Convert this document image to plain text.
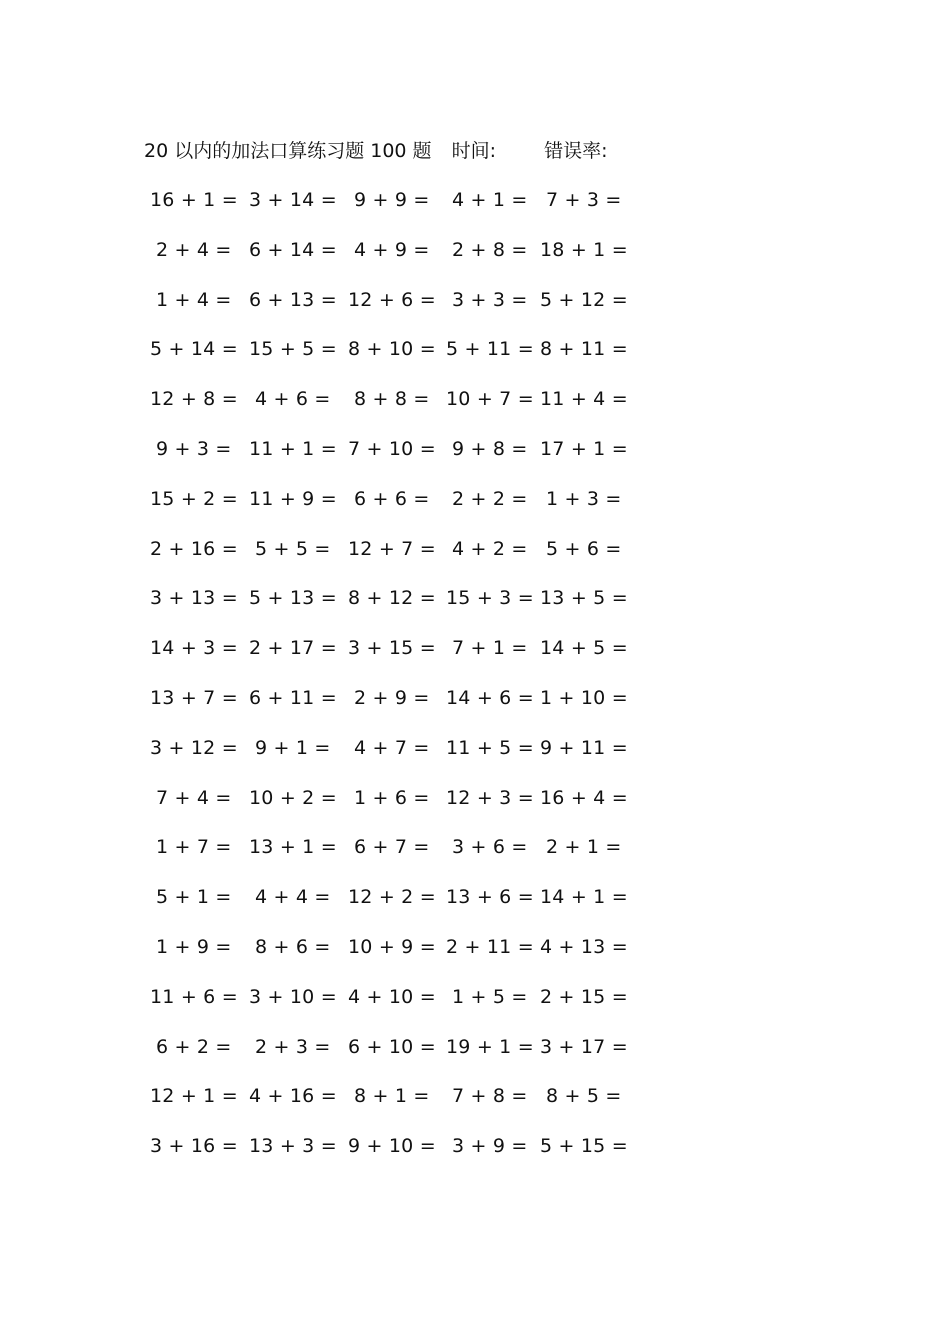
20 以内的加法口算练习题 100 题 时间:	错误率:
16 + 1 = 3 + 14 = 9 + 9 = 4 + 1 = 7 + 3 =
2 + 4 = 6 + 14 = 4 + 9 = 2 + 8 = 18 + 1 =
1 + 4 = 6 + 13 = 12 + 6 = 3 + 3 = 5 + 12 =
5 + 14 = 15 + 5 = 8 + 10 = 5 + 11 = 8 + 11 =
12 + 8 = 4 + 6 = 8 + 8 = 10 + 7 = 11 + 4 =
9 + 3 = 11 + 1 = 7 + 10 = 9 + 8 = 17 + 1 =
15 + 2 = 11 + 9 = 6 + 6 = 2 + 2 = 1 + 3 =
2 + 16 = 5 + 5 = 12 + 7 = 4 + 2 = 5 + 6 =
3 + 13 = 5 + 13 = 8 + 12 = 15 + 3 = 13 + 5 =
14 + 3 = 2 + 17 = 3 + 15 = 7 + 1 = 14 + 5 =
13 + 7 = 6 + 11 = 2 + 9 = 14 + 6 = 1 + 10 =
3 + 12 = 9 + 1 = 4 + 7 = 11 + 5 = 9 + 11 =
7 + 4 = 10 + 2 = 1 + 6 = 12 + 3 = 16 + 4 =
1 + 7 = 13 + 1 = 6 + 7 = 3 + 6 = 2 + 1 =
5 + 1 = 4 + 4 = 12 + 2 = 13 + 6 = 14 + 1 =
1 + 9 = 8 + 6 = 10 + 9 = 2 + 11 = 4 + 13 =
11 + 6 = 3 + 10 = 4 + 10 = 1 + 5 = 2 + 15 =
6 + 2 = 2 + 3 = 6 + 10 = 19 + 1 = 3 + 17 =
12 + 1 = 4 + 16 = 8 + 1 = 7 + 8 = 8 + 5 =
3 + 16 = 13 + 3 = 9 + 10 = 3 + 9 = 5 + 15 =
